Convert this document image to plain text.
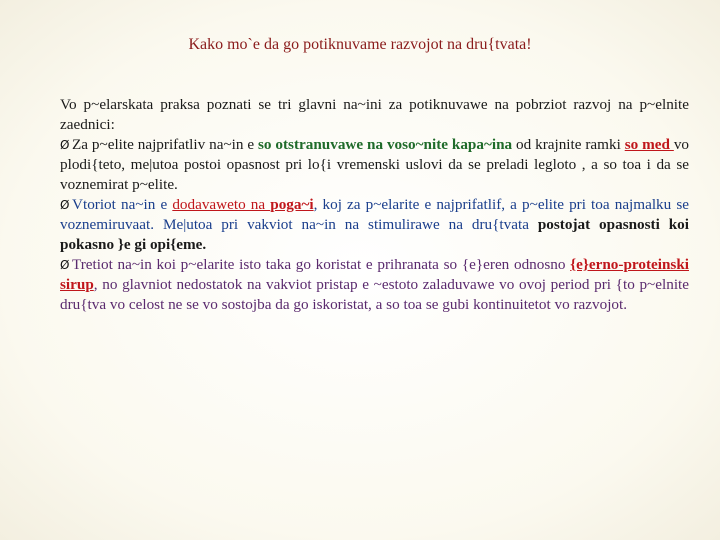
Kako mo`e da go potiknuvame razvojot na dru{tvata!

Vo p~elarskata praksa poznati se tri glavni na~ini za potiknuvawe na pobrziot razvoj na p~elnite zaednici:

Ø Za p~elite najprifatliv na~in e so otstranuvawe na voso~nite kapa~ina od krajnite ramki so med vo plodi{teto, me|utoa postoi opasnost pri lo{i vremenski uslovi da se preladi legloto , a so toa i da se voznemirat p~elite.

Ø Vtoriot na~in e dodavaweto na poga~i, koj za p~elarite e najprifatlif, a p~elite pri toa najmalku se voznemiruvaat. Me|utoa pri vakviot na~in na stimulirawe na dru{tvata postojat opasnosti koi pokasno }e gi opi{eme.

Ø Tretiot na~in koi p~elarite isto taka go koristat e prihranata so {e}eren odnosno {e}erno-proteinski sirup, no glavniot nedostatok na vakviot pristap e ~estoto zaladuvawe vo ovoj period pri {to p~elnite dru{tva vo celost ne se vo sostojba da go iskoristat, a so toa se gubi kontinuitetot vo razvojot.
